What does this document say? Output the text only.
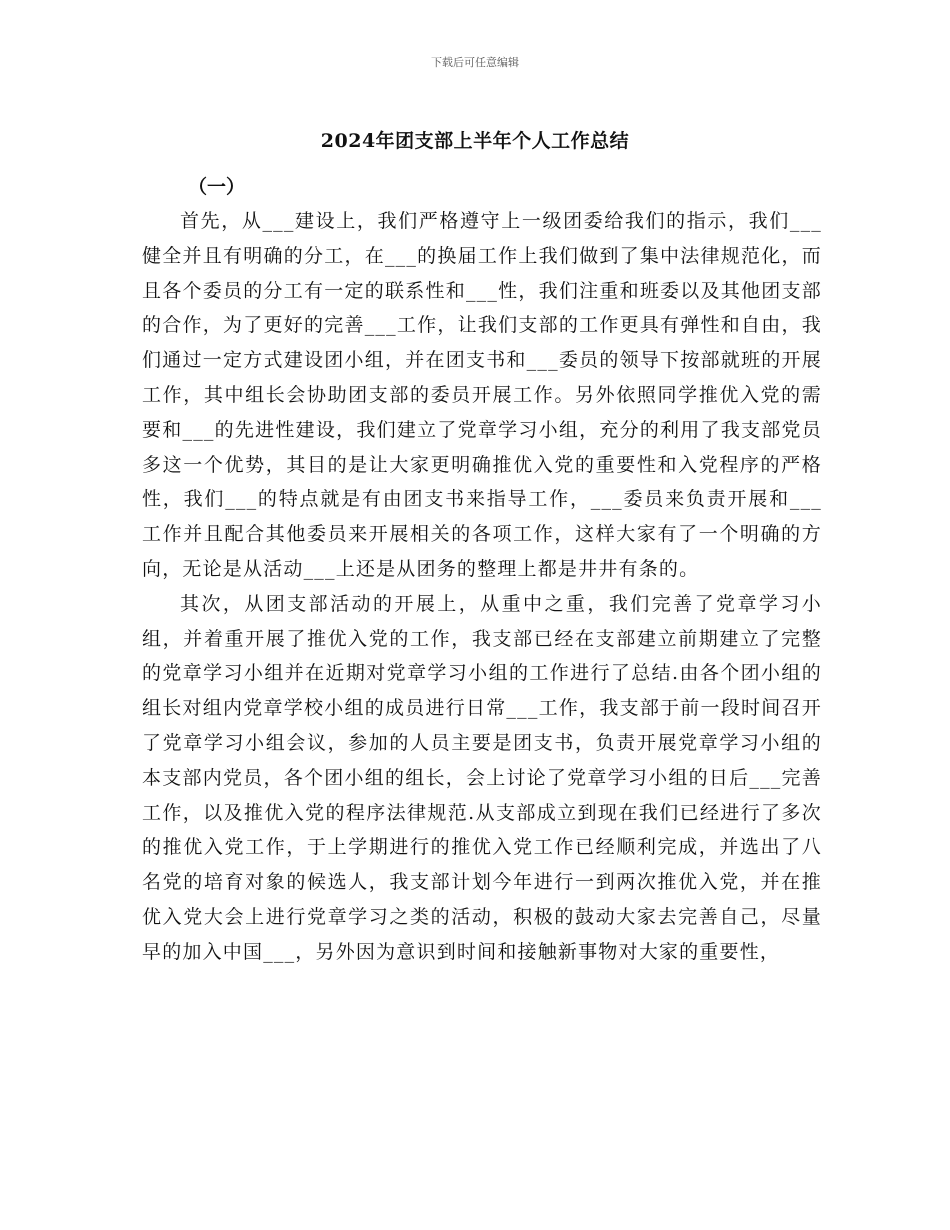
下载后可任意编辑
2024年团支部上半年个人工作总结
（一）

首先，从___建设上，我们严格遵守上一级团委给我们的指示，我们___健全并且有明确的分工，在___的换届工作上我们做到了集中法律规范化，而且各个委员的分工有一定的联系性和___性，我们注重和班委以及其他团支部的合作，为了更好的完善___工作，让我们支部的工作更具有弹性和自由，我们通过一定方式建设团小组，并在团支书和___委员的领导下按部就班的开展工作，其中组长会协助团支部的委员开展工作。另外依照同学推优入党的需要和___的先进性建设，我们建立了党章学习小组，充分的利用了我支部党员多这一个优势，其目的是让大家更明确推优入党的重要性和入党程序的严格性，我们___的特点就是有由团支书来指导工作，___委员来负责开展和___工作并且配合其他委员来开展相关的各项工作，这样大家有了一个明确的方向，无论是从活动___上还是从团务的整理上都是井井有条的。

其次，从团支部活动的开展上，从重中之重，我们完善了党章学习小组，并着重开展了推优入党的工作，我支部已经在支部建立前期建立了完整的党章学习小组并在近期对党章学习小组的工作进行了总结.由各个团小组的组长对组内党章学校小组的成员进行日常___工作，我支部于前一段时间召开了党章学习小组会议，参加的人员主要是团支书，负责开展党章学习小组的本支部内党员，各个团小组的组长，会上讨论了党章学习小组的日后___完善工作，以及推优入党的程序法律规范.从支部成立到现在我们已经进行了多次的推优入党工作，于上学期进行的推优入党工作已经顺利完成，并选出了八名党的培育对象的候选人，我支部计划今年进行一到两次推优入党，并在推优入党大会上进行党章学习之类的活动，积极的鼓动大家去完善自己，尽量早的加入中国___，另外因为意识到时间和接触新事物对大家的重要性，
